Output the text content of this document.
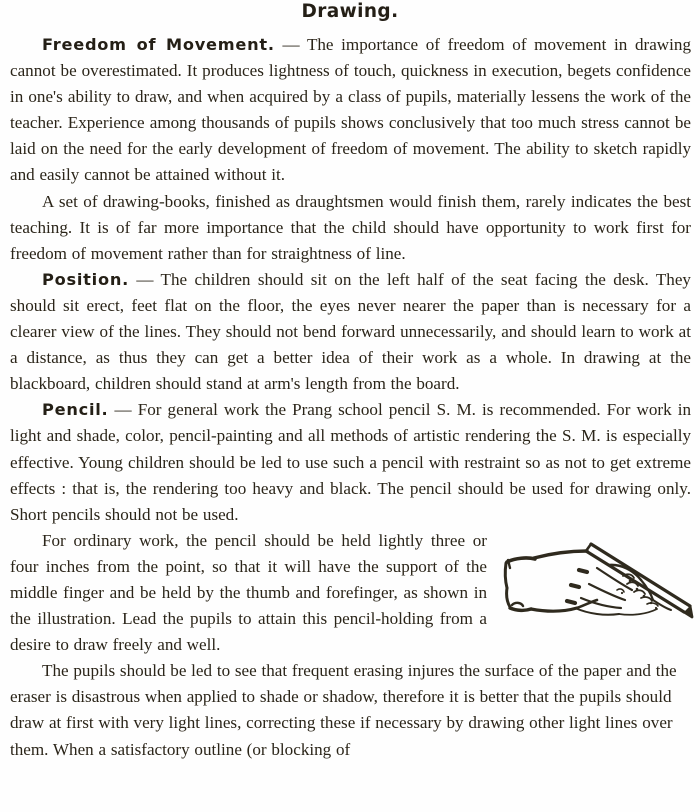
Drawing.

Freedom of Movement. — The importance of freedom of movement in drawing cannot be overestimated. It produces lightness of touch, quickness in execution, begets confidence in one's ability to draw, and when acquired by a class of pupils, materially lessens the work of the teacher. Experience among thousands of pupils shows conclusively that too much stress cannot be laid on the need for the early development of freedom of movement. The ability to sketch rapidly and easily cannot be attained without it.

A set of drawing-books, finished as draughtsmen would finish them, rarely indicates the best teaching. It is of far more importance that the child should have opportunity to work first for freedom of movement rather than for straightness of line.

Position. — The children should sit on the left half of the seat facing the desk. They should sit erect, feet flat on the floor, the eyes never nearer the paper than is necessary for a clearer view of the lines. They should not bend forward unnecessarily, and should learn to work at a distance, as thus they can get a better idea of their work as a whole. In drawing at the blackboard, children should stand at arm's length from the board.

Pencil. — For general work the Prang school pencil S. M. is recommended. For work in light and shade, color, pencil-painting and all methods of artistic rendering the S. M. is especially effective. Young children should be led to use such a pencil with restraint so as not to get extreme effects : that is, the rendering too heavy and black. The pencil should be used for drawing only. Short pencils should not be used.

For ordinary work, the pencil should be held lightly three or four inches from the point, so that it will have the support of the middle finger and be held by the thumb and forefinger, as shown in the illustration. Lead the pupils to attain this pencil-holding from a desire to draw freely and well.

The pupils should be led to see that frequent erasing injures the surface of the paper and the eraser is disastrous when applied to shade or shadow, therefore it is better that the pupils should draw at first with very light lines, correcting these if necessary by drawing other light lines over them. When a satisfactory outline (or blocking of
